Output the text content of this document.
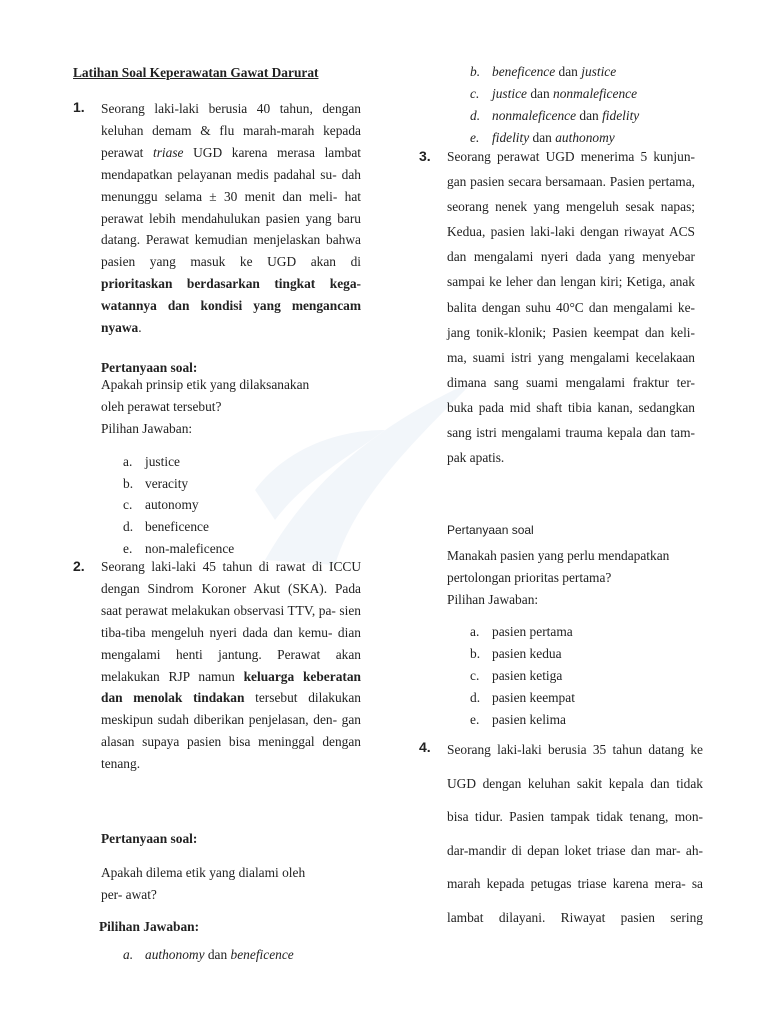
Latihan Soal Keperawatan Gawat Darurat
1. Seorang laki-laki berusia 40 tahun, dengan keluhan demam & flu marah-marah kepada perawat triase UGD karena merasa lambat mendapatkan pelayanan medis padahal su- dah menunggu selama ± 30 menit dan meli- hat perawat lebih mendahulukan pasien yang baru datang. Perawat kemudian menjelaskan bahwa pasien yang masuk ke UGD akan di prioritaskan berdasarkan tingkat kega- watannya dan kondisi yang mengancam nyawa.
Pertanyaan soal:
Apakah prinsip etik yang dilaksanakan
oleh perawat tersebut?
Pilihan Jawaban:
a. justice
b. veracity
c. autonomy
d. beneficence
e. non-maleficence
2. Seorang laki-laki 45 tahun di rawat di ICCU dengan Sindrom Koroner Akut (SKA). Pada saat perawat melakukan observasi TTV, pa- sien tiba-tiba mengeluh nyeri dada dan kemu- dian mengalami henti jantung. Perawat akan melakukan RJP namun keluarga keberatan dan menolak tindakan tersebut dilakukan meskipun sudah diberikan penjelasan, den- gan alasan supaya pasien bisa meninggal dengan tenang.
Pertanyaan soal:
Apakah dilema etik yang dialami oleh
per- awat?
Pilihan Jawaban:
a. authonomy dan beneficence
b. beneficence dan justice
c. justice dan nonmaleficence
d. nonmaleficence dan fidelity
e. fidelity dan authonomy
3. Seorang perawat UGD menerima 5 kunjun- gan pasien secara bersamaan. Pasien pertama, seorang nenek yang mengeluh sesak napas; Kedua, pasien laki-laki dengan riwayat ACS dan mengalami nyeri dada yang menyebar sampai ke leher dan lengan kiri; Ketiga, anak balita dengan suhu 40°C dan mengalami ke- jang tonik-klonik; Pasien keempat dan keli- ma, suami istri yang mengalami kecelakaan dimana sang suami mengalami fraktur ter- buka pada mid shaft tibia kanan, sedangkan sang istri mengalami trauma kepala dan tam- pak apatis.
Pertanyaan soal
Manakah pasien yang perlu mendapatkan
pertolongan prioritas pertama?
Pilihan Jawaban:
a. pasien pertama
b. pasien kedua
c. pasien ketiga
d. pasien keempat
e. pasien kelima
4. Seorang laki-laki berusia 35 tahun datang ke UGD dengan keluhan sakit kepala dan tidak bisa tidur. Pasien tampak tidak tenang, mon- dar-mandir di depan loket triase dan mar- ah-marah kepada petugas triase karena mera- sa lambat dilayani. Riwayat pasien sering
